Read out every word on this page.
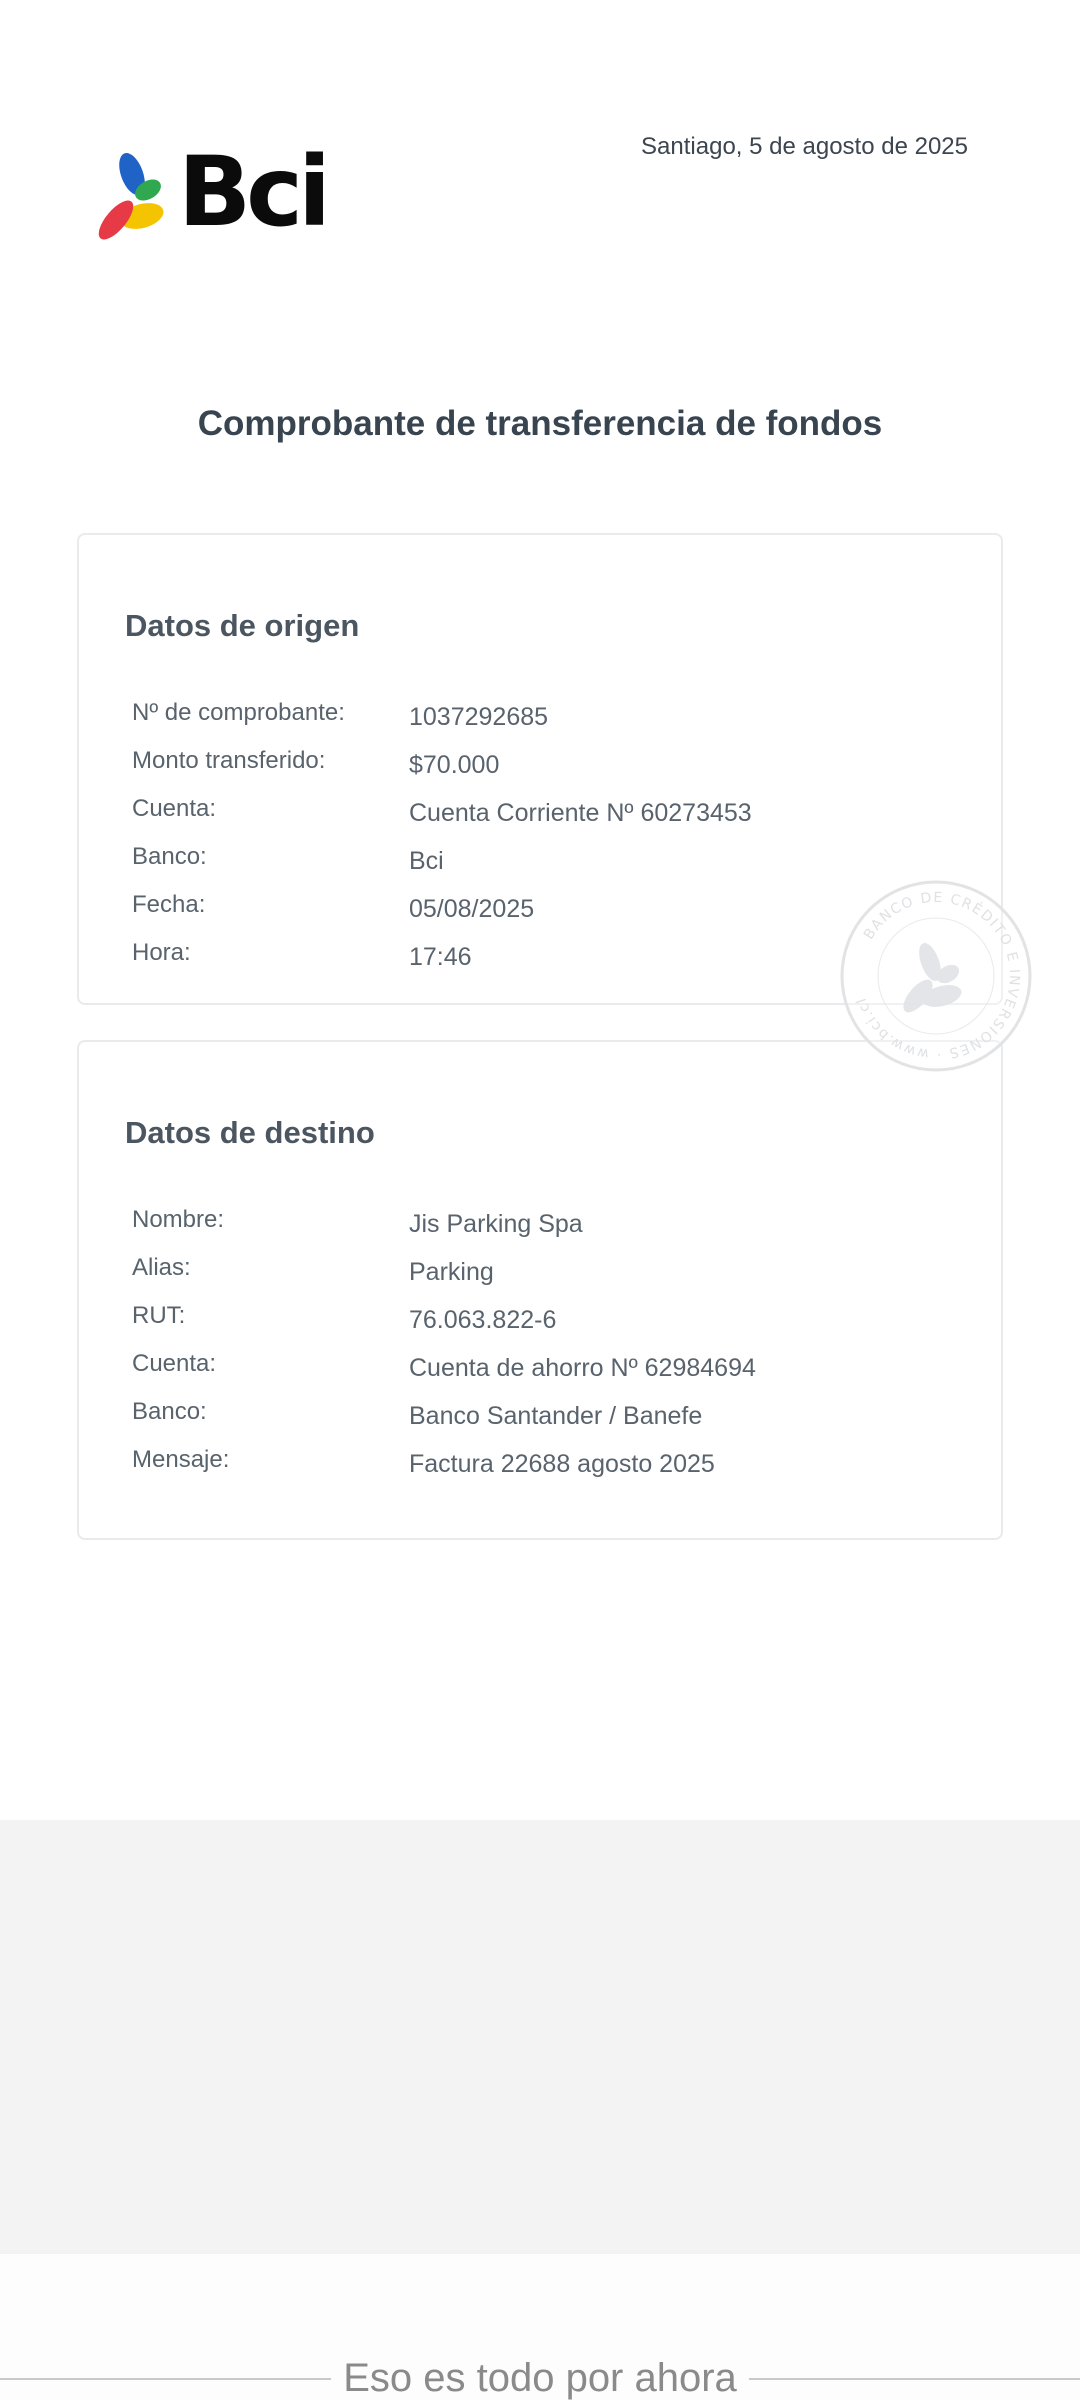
Bci	Santiago, 5 de agosto de 2025
Comprobante de transferencia de fondos
Datos de origen
Nº de comprobante:	1037292685
Monto transferido:	$70.000
Cuenta:	Cuenta Corriente Nº 60273453
Banco:	Bci
Fecha:	05/08/2025
Hora:	17:46
Datos de destino
Nombre:	Jis Parking Spa
Alias:	Parking
RUT:	76.063.822-6
Cuenta:	Cuenta de ahorro Nº 62984694
Banco:	Banco Santander / Banefe
Mensaje:	Factura 22688 agosto 2025
BANCO DE CRÉDITO E INVERSIONES · www.bci.cl
Eso es todo por ahora
